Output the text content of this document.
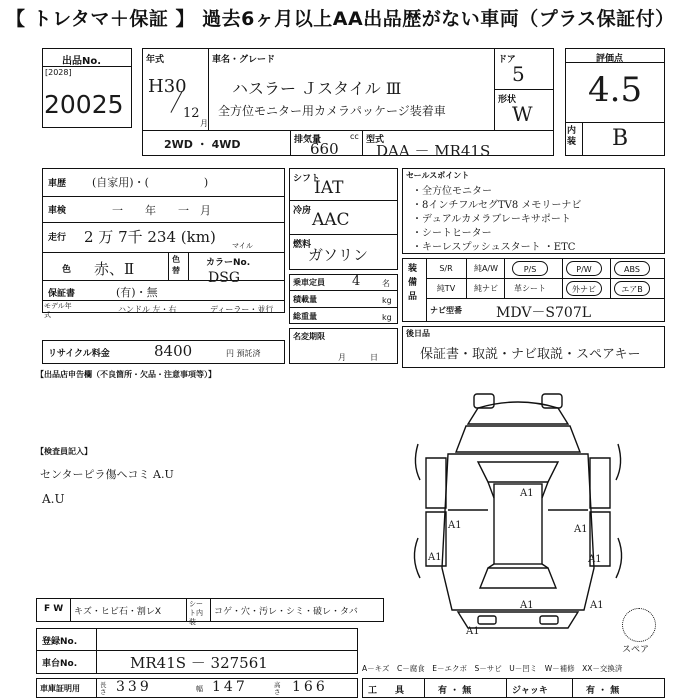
【 トレタマ＋保証 】 過去6ヶ月以上AA出品歴がない車両（プラス保証付）
出品No.
[2028]
20025
年式
H30
12
月
車名・グレード
ハスラー Ｊスタイル Ⅲ
全方位モニター用カメラパッケージ装着車
ドア
5
形状
W
2WD ・ 4WD	排気量	cc
660	型式
DAA － MR41S
評価点
4.5
内装 B
車歴 (自家用)・(　　　　　)
車検	一　　年　　一　月
走行 2 万 7千 234 (km) マイル
色 赤、Ⅱ
色替
カラーNo.
DSG
保証書	(有)・無
モデル年式
ハンドル 左・右	ディーラー・並行
リサイクル料金	8400	円 預託済
【出品店申告欄（不良箇所・欠品・注意事項等）】
シフト
IAT
冷房 AAC
燃料
ガソリン
乗車定員 4	名
積載量	kg
総重量	kg
名変期限
月日
セールスポイント
・全方位モニター
・8インチフルセグTV8 メモリーナビ
・デュアルカメラブレーキサポート
・シートヒーター
・キーレスプッシュスタート ・ETC
装備品
S/R	純A/W	P/S	P/W	ABS
純TV	純ナビ	革シート	外ナビ	エアB
ナビ型番 MDV－S707L
後日品
保証書・取説・ナビ取説・スペアキー
【検査員記入】
センターピラ傷ヘコミ A.U
A.U	A1
A1
A1
A1
A1
A1
A1
A1
スペア
F W キズ・ヒビ石・割レX
シート内装
コゲ・穴・汚レ・シミ・破レ・タバ
登録No.
車台No.	MR41S － 327561	A－キズ　C－腐食　E－エクボ　S－サビ　U－凹ミ　W－補修　XX－交換済
車庫証明用	長さ 339	幅 147	高さ 166	工　　具	有 ・ 無	ジャッキ	有 ・ 無
